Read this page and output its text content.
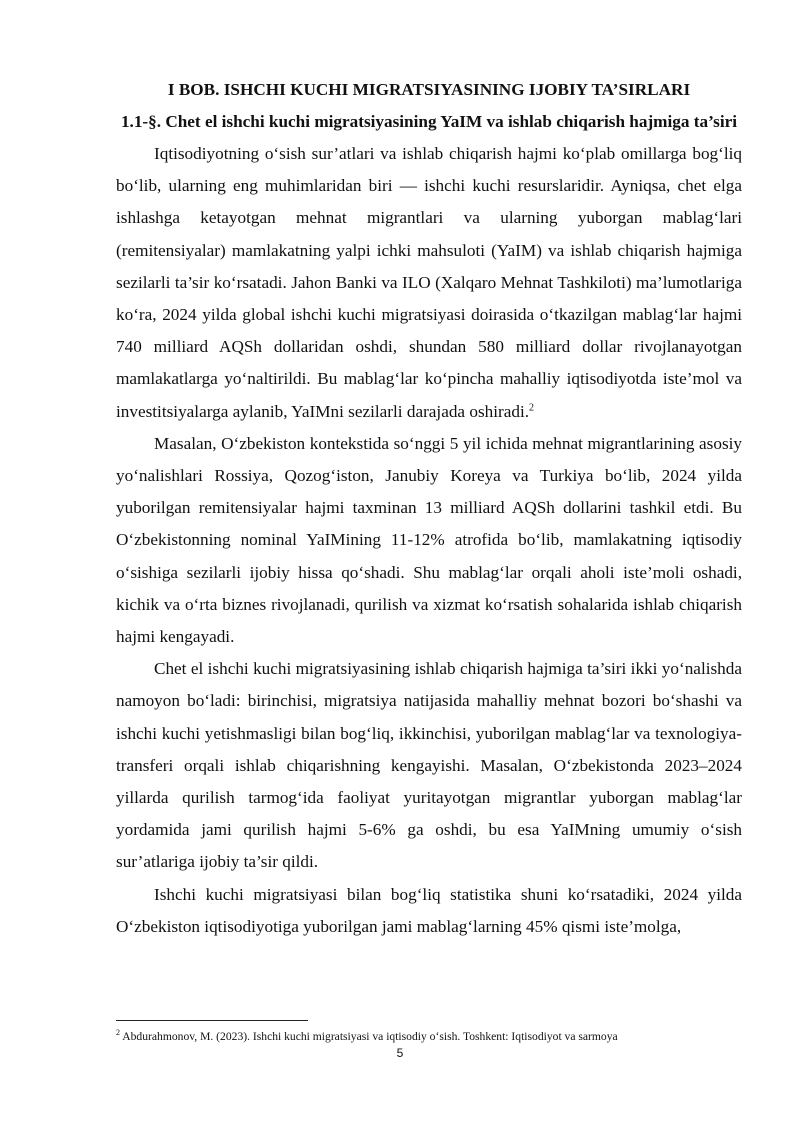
I BOB. ISHCHI KUCHI MIGRATSIYASINING IJOBIY TA’SIRLARI

1.1-§. Chet el ishchi kuchi migratsiyasining YaIM va ishlab chiqarish hajmiga ta’siri

Iqtisodiyotning o‘sish sur’atlari va ishlab chiqarish hajmi ko‘plab omillarga bog‘liq bo‘lib, ularning eng muhimlaridan biri — ishchi kuchi resurslaridir. Ayniqsa, chet elga ishlashga ketayotgan mehnat migrantlari va ularning yuborgan mablag‘lari (remitensiyalar) mamlakatning yalpi ichki mahsuloti (YaIM) va ishlab chiqarish hajmiga sezilarli ta’sir ko‘rsatadi. Jahon Banki va ILO (Xalqaro Mehnat Tashkiloti) ma’lumotlariga ko‘ra, 2024 yilda global ishchi kuchi migratsiyasi doirasida o‘tkazilgan mablag‘lar hajmi 740 milliard AQSh dollaridan oshdi, shundan 580 milliard dollar rivojlanayotgan mamlakatlarga yo‘naltirildi. Bu mablag‘lar ko‘pincha mahalliy iqtisodiyotda iste’mol va investitsiyalarga aylanib, YaIMni sezilarli darajada oshiradi.$^2$

Masalan, O‘zbekiston kontekstida so‘nggi 5 yil ichida mehnat migrantlarining asosiy yo‘nalishlari Rossiya, Qozog‘iston, Janubiy Koreya va Turkiya bo‘lib, 2024 yilda yuborilgan remitensiyalar hajmi taxminan 13 milliard AQSh dollarini tashkil etdi. Bu O‘zbekistonning nominal YaIMining 11-12% atrofida bo‘lib, mamlakatning iqtisodiy o‘sishiga sezilarli ijobiy hissa qo‘shadi. Shu mablag‘lar orqali aholi iste’moli oshadi, kichik va o‘rta biznes rivojlanadi, qurilish va xizmat ko‘rsatish sohalarida ishlab chiqarish hajmi kengayadi.

Chet el ishchi kuchi migratsiyasining ishlab chiqarish hajmiga ta’siri ikki yo‘nalishda namoyon bo‘ladi: birinchisi, migratsiya natijasida mahalliy mehnat bozori bo‘shashi va ishchi kuchi yetishmasligi bilan bog‘liq, ikkinchisi, yuborilgan mablag‘lar va texnologiya-transferi orqali ishlab chiqarishning kengayishi. Masalan, O‘zbekistonda 2023–2024 yillarda qurilish tarmog‘ida faoliyat yuritayotgan migrantlar yuborgan mablag‘lar yordamida jami qurilish hajmi 5-6% ga oshdi, bu esa YaIMning umumiy o‘sish sur’atlariga ijobiy ta’sir qildi.

Ishchi kuchi migratsiyasi bilan bog‘liq statistika shuni ko‘rsatadiki, 2024 yilda O‘zbekiston iqtisodiyotiga yuborilgan jami mablag‘larning 45% qismi iste’molga,

$^2$ Abdurahmonov, M. (2023). Ishchi kuchi migratsiyasi va iqtisodiy o‘sish. Toshkent: Iqtisodiyot va sarmoya
5
